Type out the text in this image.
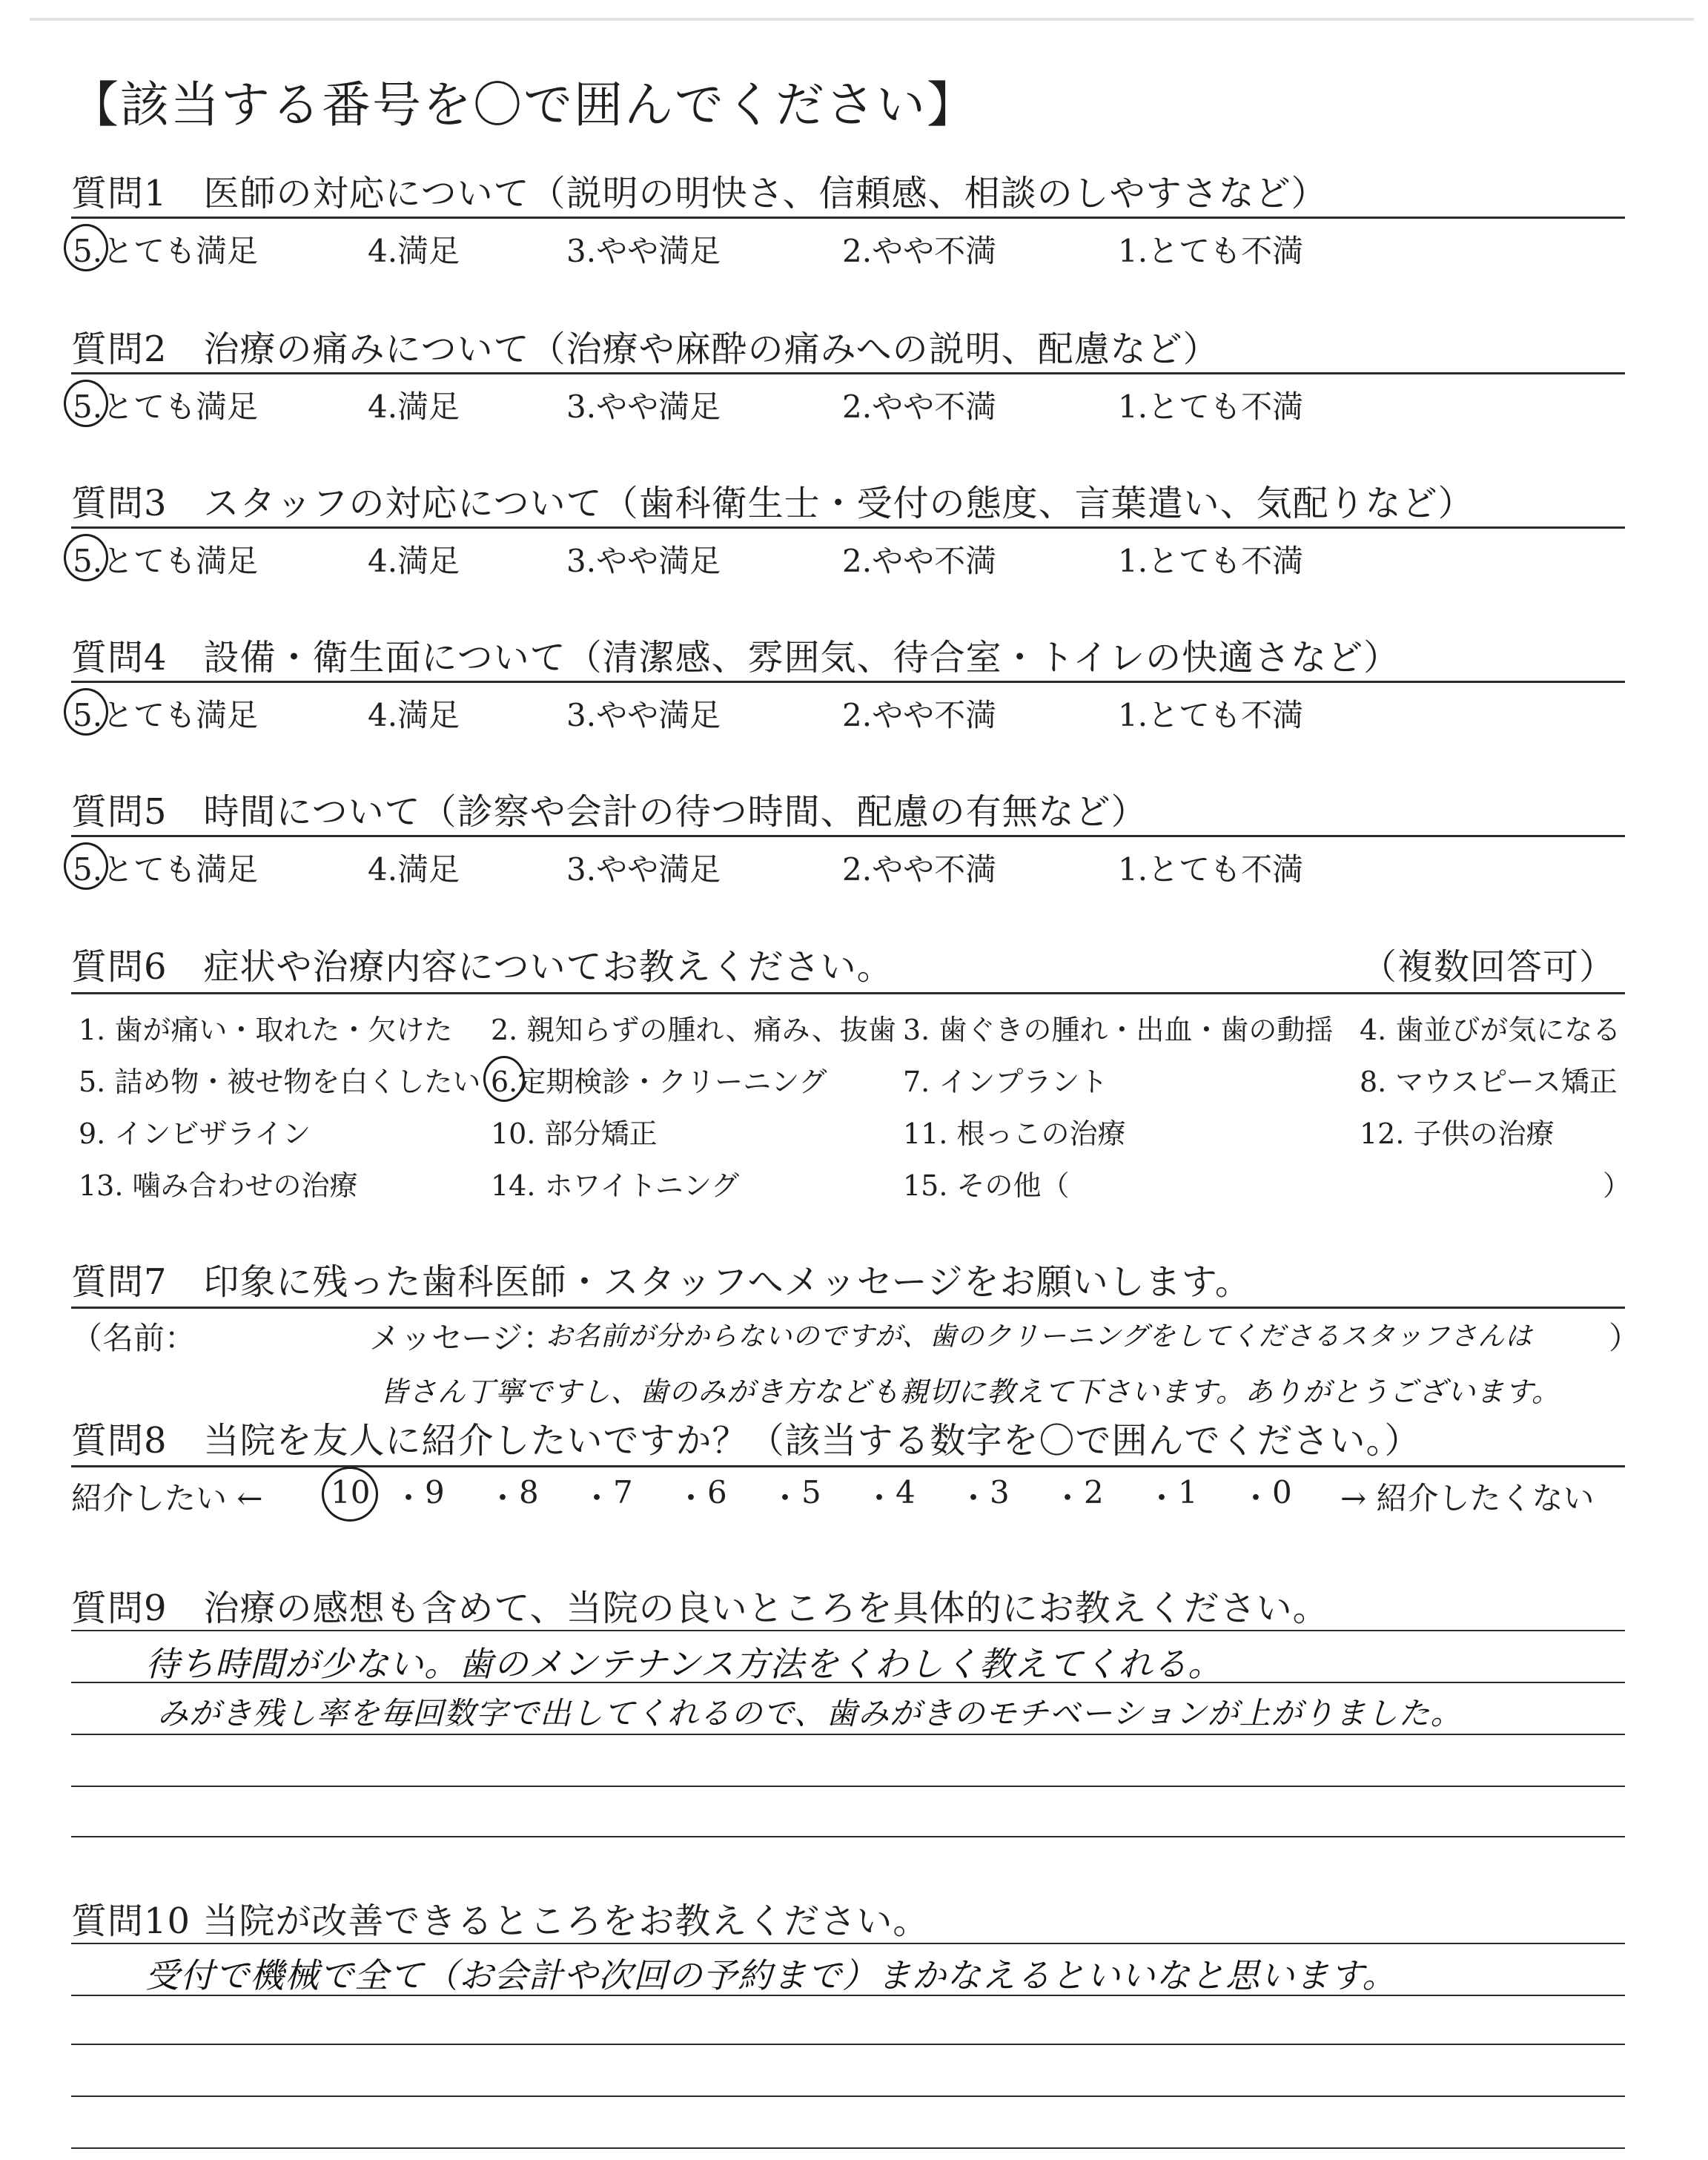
【該当する番号を〇で囲んでください】
質問1　医師の対応について（説明の明快さ、信頼感、相談のしやすさなど）
5.とても満足	4.満足	3.やや満足	2.やや不満	1.とても不満
質問2　治療の痛みについて（治療や麻酔の痛みへの説明、配慮など）
5.とても満足	4.満足	3.やや満足	2.やや不満	1.とても不満
質問3　スタッフの対応について（歯科衛生士・受付の態度、言葉遣い、気配りなど）
5.とても満足	4.満足	3.やや満足	2.やや不満	1.とても不満
質問4　設備・衛生面について（清潔感、雰囲気、待合室・トイレの快適さなど）
5.とても満足	4.満足	3.やや満足	2.やや不満	1.とても不満
質問5　時間について（診察や会計の待つ時間、配慮の有無など）
5.とても満足	4.満足	3.やや満足	2.やや不満	1.とても不満
質問6　症状や治療内容についてお教えください。	（複数回答可）
1. 歯が痛い・取れた・欠けた 2. 親知らずの腫れ、痛み、抜歯 3. 歯ぐきの腫れ・出血・歯の動揺 4. 歯並びが気になる
5. 詰め物・被せ物を白くしたい 6.定期検診・クリーニング	7. インプラント	8. マウスピース矯正
9. インビザライン	10. 部分矯正	11. 根っこの治療	12. 子供の治療
13. 噛み合わせの治療	14. ホワイトニング	15. その他（	）
質問7　印象に残った歯科医師・スタッフへメッセージをお願いします。
（名前：	メッセージ：
お名前が分からないのですが、歯のクリーニングをしてくださるスタッフさんは ）
皆さん丁寧ですし、歯のみがき方なども親切に教えて下さいます。ありがとうございます。
質問8　当院を友人に紹介したいですか？（該当する数字を〇で囲んでください。）
紹介したい ← 10 ・ 9 ・ 8 ・ 7 ・ 6 ・ 5 ・ 4 ・ 3 ・ 2 ・ 1 ・ 0 → 紹介したくない
質問9　治療の感想も含めて、当院の良いところを具体的にお教えください。
待ち時間が少ない。歯のメンテナンス方法をくわしく教えてくれる。
みがき残し率を毎回数字で出してくれるので、歯みがきのモチベーションが上がりました。
質問10 当院が改善できるところをお教えください。
受付で機械で全て（お会計や次回の予約まで）まかなえるといいなと思います。
